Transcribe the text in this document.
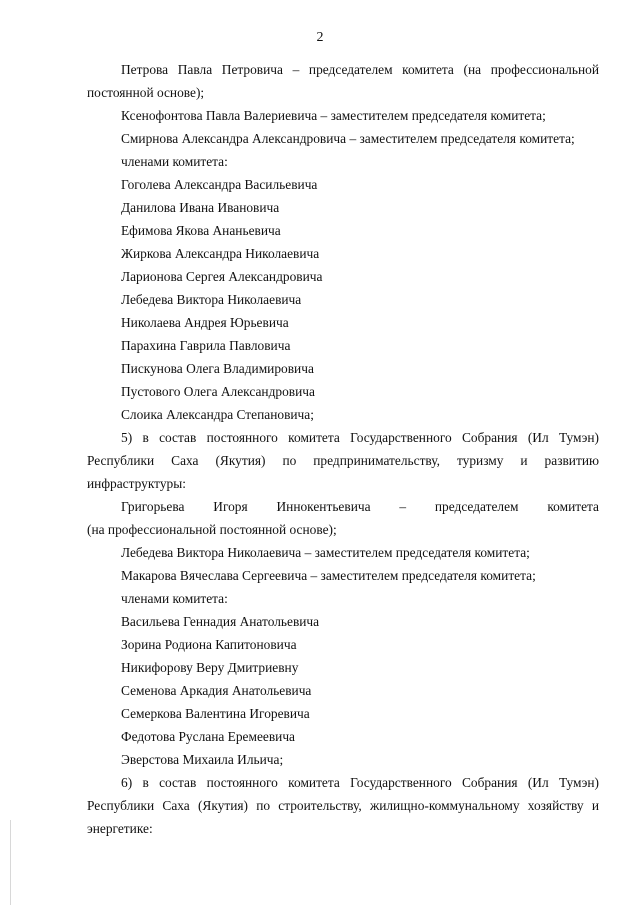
2
Петрова Павла Петровича – председателем комитета (на профессиональной
постоянной основе);
Ксенофонтова Павла Валериевича – заместителем председателя комитета;
Смирнова Александра Александровича – заместителем председателя комитета;
членами комитета:
Гоголева Александра Васильевича
Данилова Ивана Ивановича
Ефимова Якова Ананьевича
Жиркова Александра Николаевича
Ларионова Сергея Александровича
Лебедева Виктора Николаевича
Николаева Андрея Юрьевича
Парахина Гаврила Павловича
Пискунова Олега Владимировича
Пустового Олега Александровича
Слоика Александра Степановича;
5) в состав постоянного комитета Государственного Собрания (Ил Тумэн)
Республики Саха (Якутия) по предпринимательству, туризму и развитию
инфраструктуры:
Григорьева Игоря Иннокентьевича – председателем комитета
(на профессиональной постоянной основе);
Лебедева Виктора Николаевича – заместителем председателя комитета;
Макарова Вячеслава Сергеевича – заместителем председателя комитета;
членами комитета:
Васильева Геннадия Анатольевича
Зорина Родиона Капитоновича
Никифорову Веру Дмитриевну
Семенова Аркадия Анатольевича
Семеркова Валентина Игоревича
Федотова Руслана Еремеевича
Эверстова Михаила Ильича;
6) в состав постоянного комитета Государственного Собрания (Ил Тумэн)
Республики Саха (Якутия) по строительству, жилищно-коммунальному хозяйству и
энергетике:
